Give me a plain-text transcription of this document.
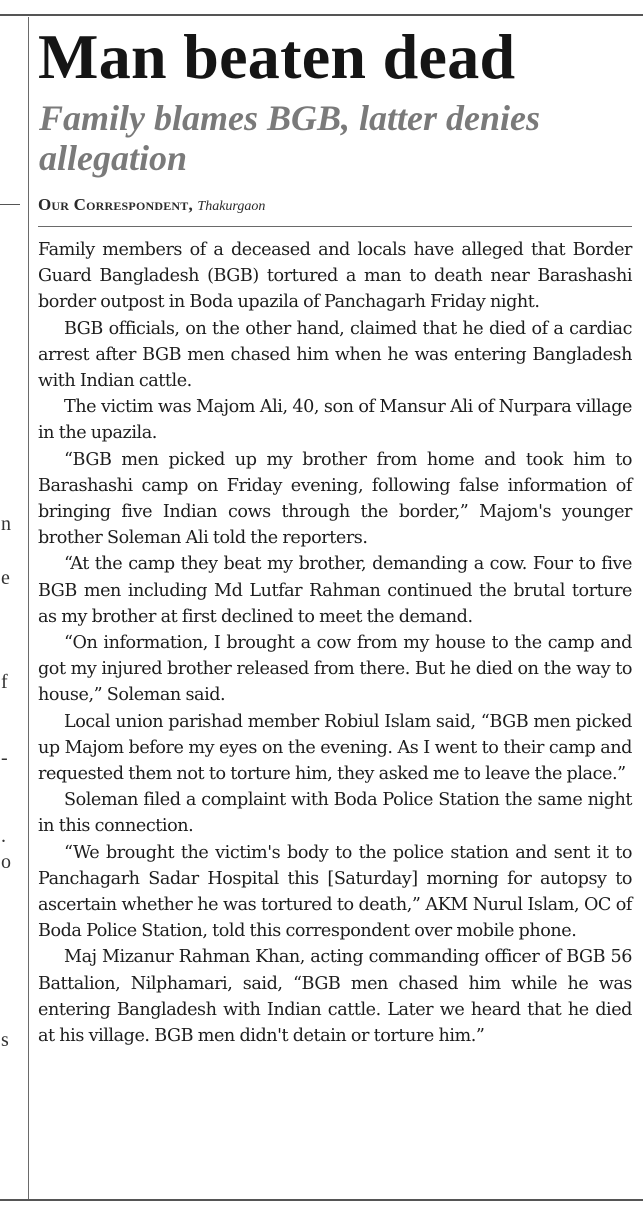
n
e
f
-
.
o
s
Man beaten dead
Family blames BGB, latter denies allegation
Our Correspondent, Thakurgaon

Family members of a deceased and locals have alleged that Border Guard Bangladesh (BGB) tortured a man to death near Barashashi border outpost in Boda upazila of Panchagarh Friday night.

BGB officials, on the other hand, claimed that he died of a cardiac arrest after BGB men chased him when he was entering Bangladesh with Indian cattle.

The victim was Majom Ali, 40, son of Mansur Ali of Nurpara village in the upazila.

“BGB men picked up my brother from home and took him to Barashashi camp on Friday evening, following false information of bringing five Indian cows through the border,” Majom's younger brother Soleman Ali told the reporters.

“At the camp they beat my brother, demanding a cow. Four to five BGB men including Md Lutfar Rahman continued the brutal torture as my brother at first declined to meet the demand.

“On information, I brought a cow from my house to the camp and got my injured brother released from there. But he died on the way to house,” Soleman said.

Local union parishad member Robiul Islam said, “BGB men picked up Majom before my eyes on the evening. As I went to their camp and requested them not to torture him, they asked me to leave the place.”

Soleman filed a complaint with Boda Police Station the same night in this connection.

“We brought the victim's body to the police station and sent it to Panchagarh Sadar Hospital this [Saturday] morning for autopsy to ascertain whether he was tortured to death,” AKM Nurul Islam, OC of Boda Police Station, told this correspondent over mobile phone.

Maj Mizanur Rahman Khan, acting commanding officer of BGB 56 Battalion, Nilphamari, said, “BGB men chased him while he was entering Bangladesh with Indian cattle. Later we heard that he died at his village. BGB men didn't detain or torture him.”
